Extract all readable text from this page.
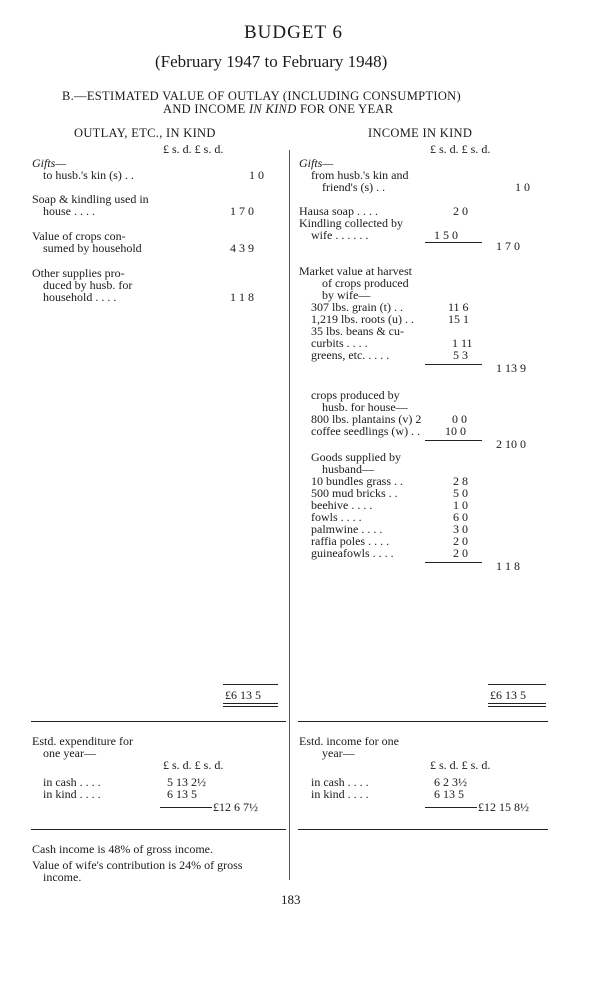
BUDGET 6
(February 1947 to February 1948)
B.—ESTIMATED VALUE OF OUTLAY (INCLUDING CONSUMPTION)
AND INCOME IN KIND FOR ONE YEAR
OUTLAY, ETC., IN KIND
£ s. d. £ s. d.
Gifts—
to husb.'s kin (s) . .	1 0
Soap & kindling used in
house . . . .	1 7 0
Value of crops con-
sumed by household	4 3 9
Other supplies pro-
duced by husb. for
household . . . .	1 1 8
£6 13 5
INCOME IN KIND
£ s. d. £ s. d.
Gifts—
from husb.'s kin and
friend's (s) . .	1 0
Hausa soap . . . .	2 0
Kindling collected by
wife . . . . . .	1 5 0
1 7 0
Market value at harvest
of crops produced
by wife—
307 lbs. grain (t) . .	11 6
1,219 lbs. roots (u) . .	15 1
35 lbs. beans & cu-
curbits . . . .	1 11
greens, etc. . . . .	5 3
1 13 9
crops produced by
husb. for house—
800 lbs. plantains (v) 2	0 0
coffee seedlings (w) . . 10 0
2 10 0
Goods supplied by
husband—
10 bundles grass . .	2 8
500 mud bricks . .	5 0
beehive . . . .	1 0
fowls . . . .	6 0
palmwine . . . .	3 0
raffia poles . . . .	2 0
guineafowls . . . .	2 0
1 1 8
£6 13 5
Estd. expenditure for
one year—
£ s. d. £ s. d.
in cash . . . .	5 13 2½
in kind . . . .	6 13 5
£12 6 7½
Estd. income for one
year—
£ s. d. £ s. d.
in cash . . . .	6 2 3½
in kind . . . .	6 13 5
£12 15 8½
Cash income is 48% of gross income.
Value of wife's contribution is 24% of gross
income.
183
